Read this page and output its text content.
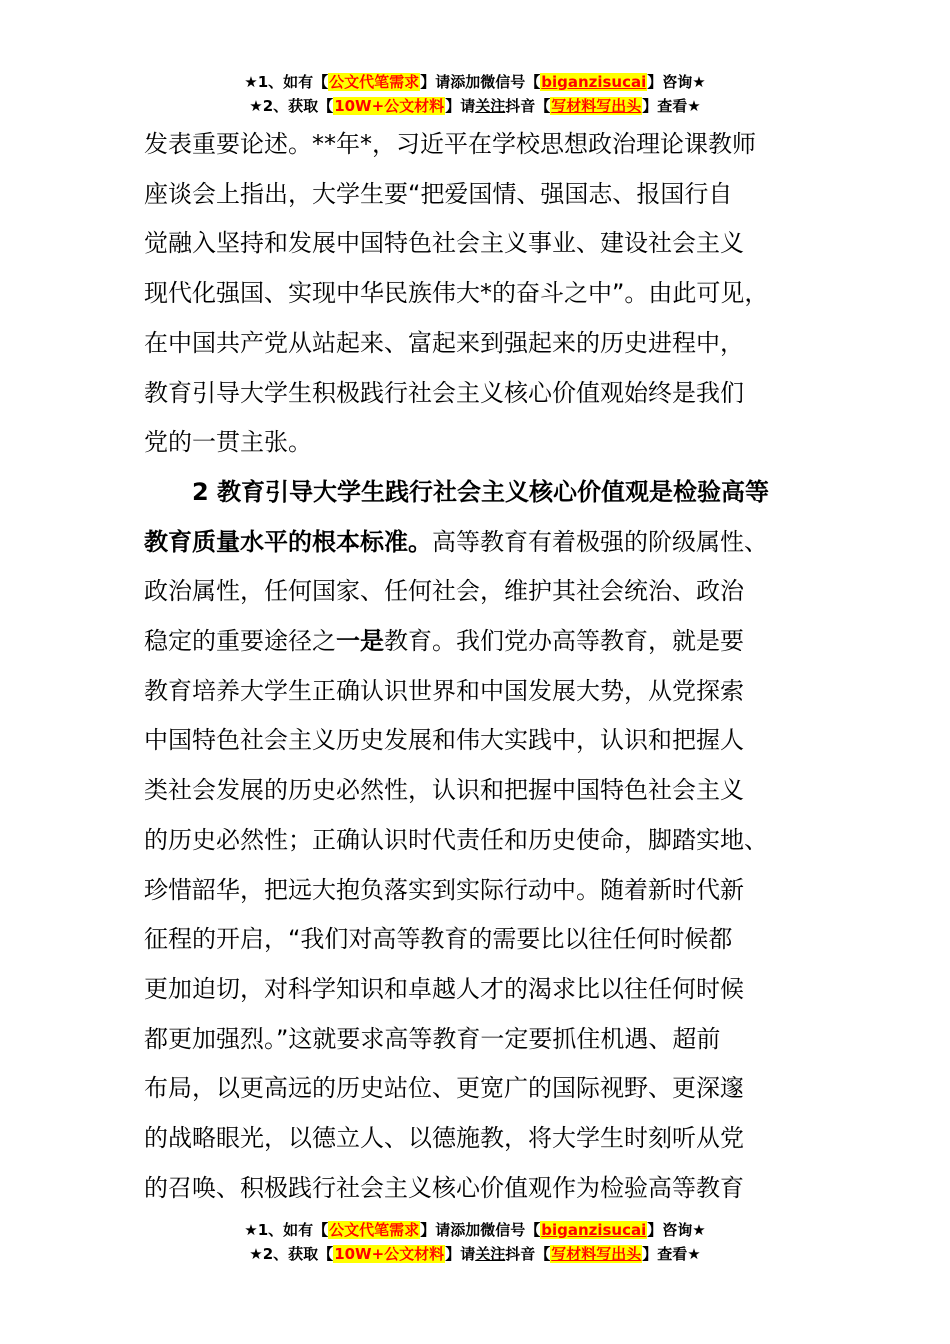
★1、如有【公文代笔需求】请添加微信号【biganzisucai】咨询★
★2、获取【10W+公文材料】请关注抖音【写材料写出头】查看★

发表重要论述。**年*，习近平在学校思想政治理论课教师
座谈会上指出，大学生要“把爱国情、强国志、报国行自
觉融入坚持和发展中国特色社会主义事业、建设社会主义
现代化强国、实现中华民族伟大*的奋斗之中”。由此可见，
在中国共产党从站起来、富起来到强起来的历史进程中，
教育引导大学生积极践行社会主义核心价值观始终是我们
党的一贯主张。

2 教育引导大学生践行社会主义核心价值观是检验高等
教育质量水平的根本标准。高等教育有着极强的阶级属性、
政治属性，任何国家、任何社会，维护其社会统治、政治
稳定的重要途径之一是教育。我们党办高等教育，就是要
教育培养大学生正确认识世界和中国发展大势，从党探索
中国特色社会主义历史发展和伟大实践中，认识和把握人
类社会发展的历史必然性，认识和把握中国特色社会主义
的历史必然性；正确认识时代责任和历史使命，脚踏实地、
珍惜韶华，把远大抱负落实到实际行动中。随着新时代新
征程的开启，“我们对高等教育的需要比以往任何时候都
更加迫切，对科学知识和卓越人才的渴求比以往任何时候
都更加强烈。”这就要求高等教育一定要抓住机遇、超前
布局，以更高远的历史站位、更宽广的国际视野、更深邃
的战略眼光，以德立人、以德施教，将大学生时刻听从党
的召唤、积极践行社会主义核心价值观作为检验高等教育

★1、如有【公文代笔需求】请添加微信号【biganzisucai】咨询★
★2、获取【10W+公文材料】请关注抖音【写材料写出头】查看★
